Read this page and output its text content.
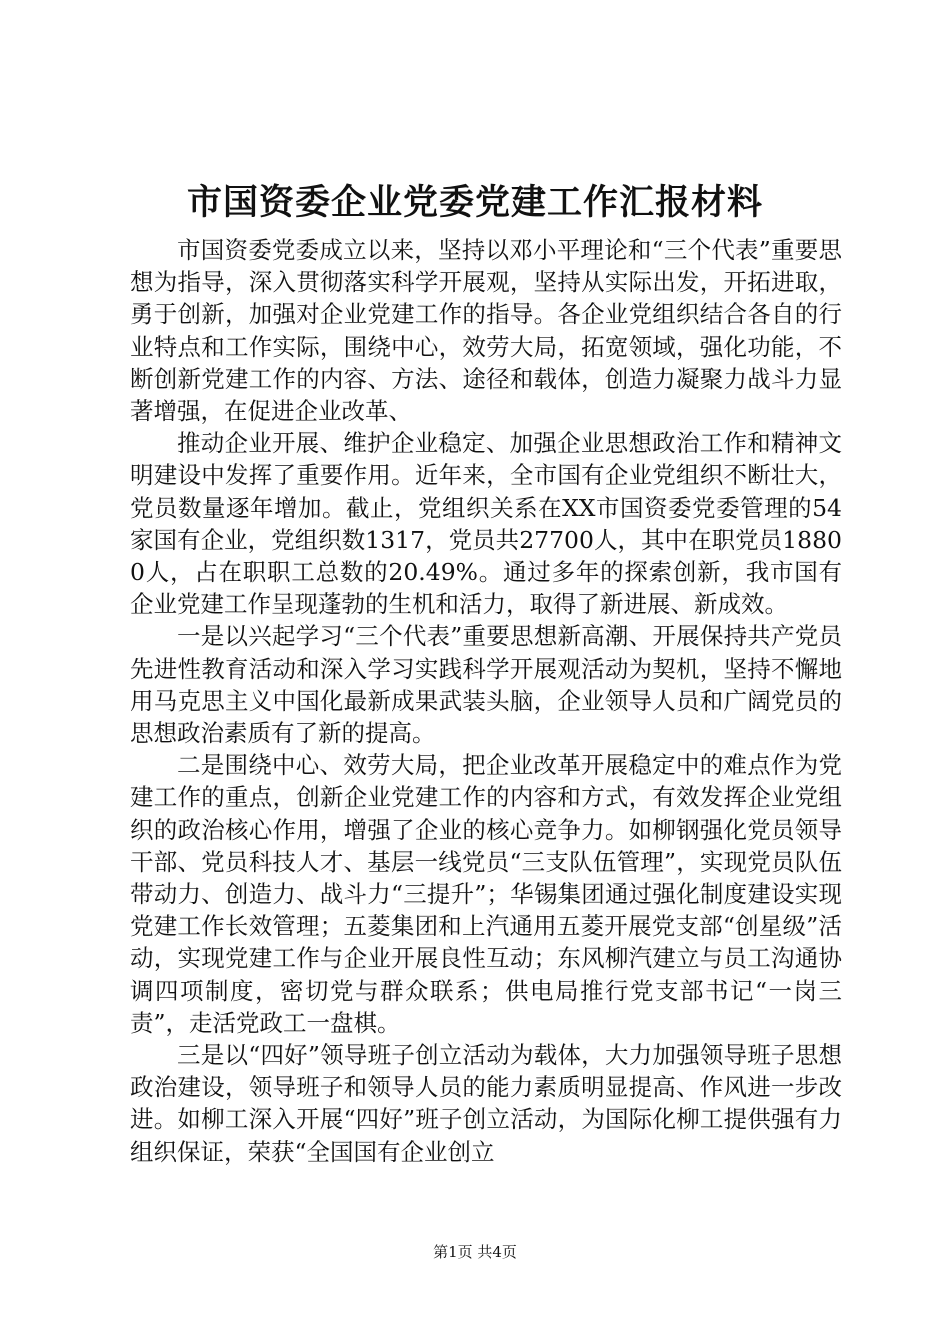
市国资委企业党委党建工作汇报材料

市国资委党委成立以来，坚持以邓小平理论和“三个代表”重要思想为指导，深入贯彻落实科学开展观，坚持从实际出发，开拓进取，勇于创新，加强对企业党建工作的指导。各企业党组织结合各自的行业特点和工作实际，围绕中心，效劳大局，拓宽领域，强化功能，不断创新党建工作的内容、方法、途径和载体，创造力凝聚力战斗力显著增强，在促进企业改革、

推动企业开展、维护企业稳定、加强企业思想政治工作和精神文明建设中发挥了重要作用。近年来，全市国有企业党组织不断壮大，党员数量逐年增加。截止，党组织关系在XX市国资委党委管理的54家国有企业，党组织数1317，党员共27700人，其中在职党员18800人，占在职职工总数的20.49%。通过多年的探索创新，我市国有企业党建工作呈现蓬勃的生机和活力，取得了新进展、新成效。

一是以兴起学习“三个代表”重要思想新高潮、开展保持共产党员先进性教育活动和深入学习实践科学开展观活动为契机，坚持不懈地用马克思主义中国化最新成果武装头脑，企业领导人员和广阔党员的思想政治素质有了新的提高。

二是围绕中心、效劳大局，把企业改革开展稳定中的难点作为党建工作的重点，创新企业党建工作的内容和方式，有效发挥企业党组织的政治核心作用，增强了企业的核心竞争力。如柳钢强化党员领导干部、党员科技人才、基层一线党员“三支队伍管理”，实现党员队伍带动力、创造力、战斗力“三提升”；华锡集团通过强化制度建设实现党建工作长效管理；五菱集团和上汽通用五菱开展党支部“创星级”活动，实现党建工作与企业开展良性互动；东风柳汽建立与员工沟通协调四项制度，密切党与群众联系；供电局推行党支部书记“一岗三责”，走活党政工一盘棋。

三是以“四好”领导班子创立活动为载体，大力加强领导班子思想政治建设，领导班子和领导人员的能力素质明显提高、作风进一步改进。如柳工深入开展“四好”班子创立活动，为国际化柳工提供强有力组织保证，荣获“全国国有企业创立

第1页 共4页
